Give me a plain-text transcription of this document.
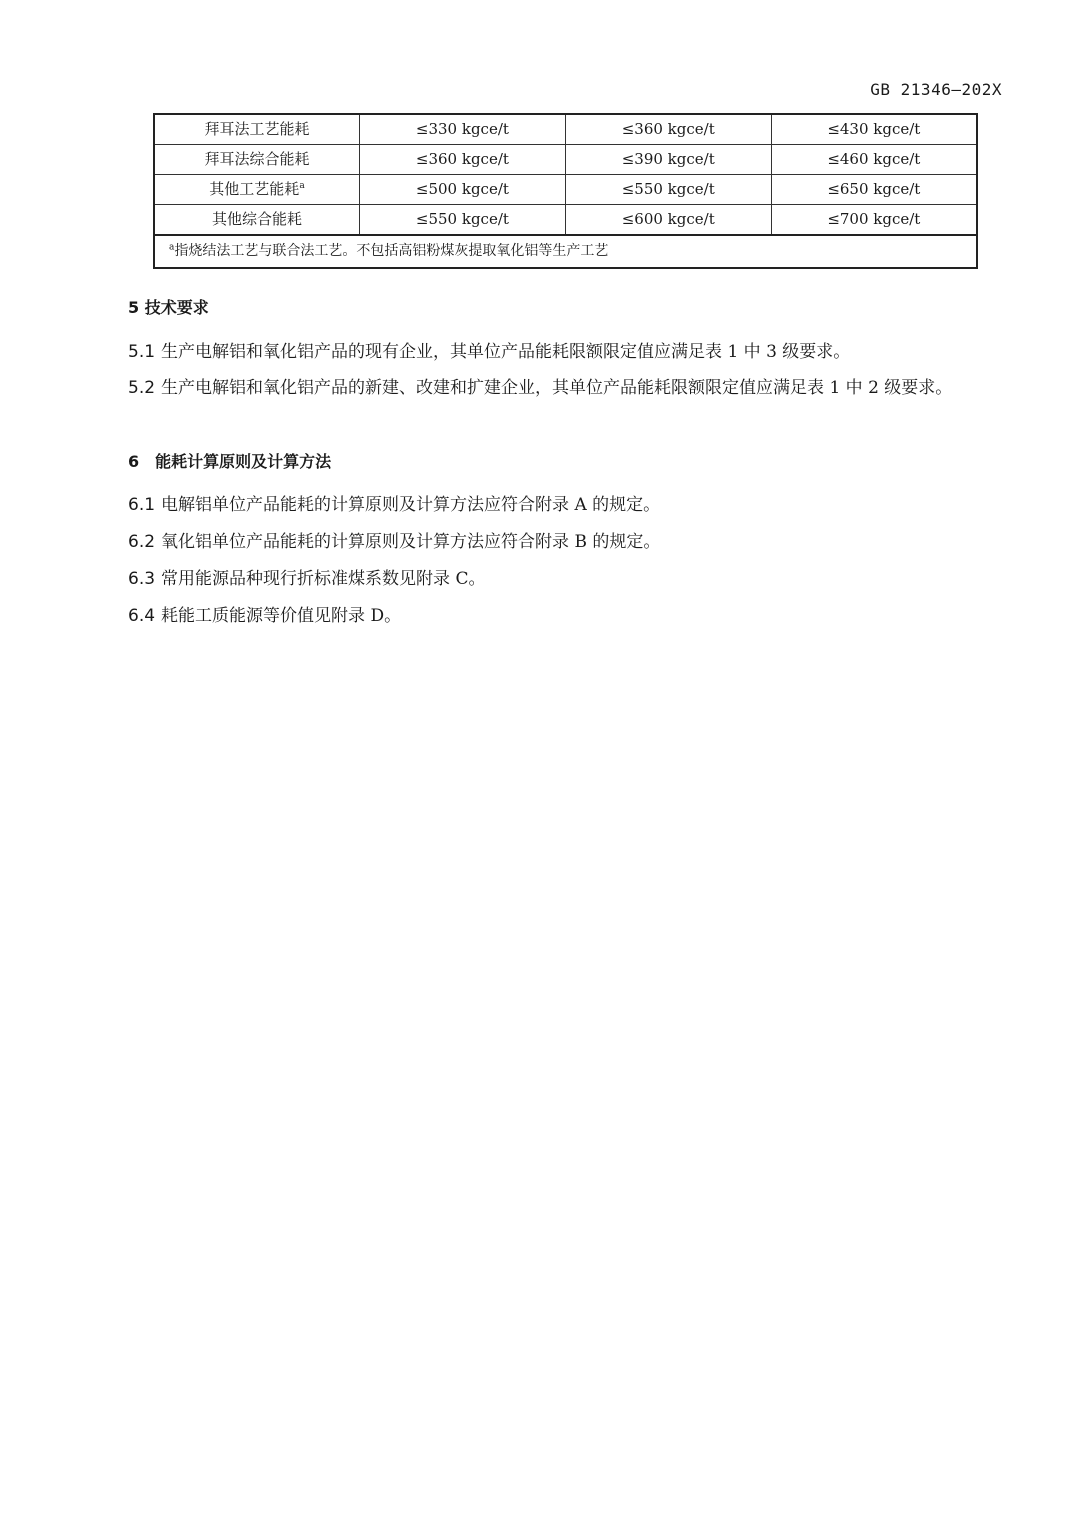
GB 21346—202X
拜耳法工艺能耗	≤330 kgce/t	≤360 kgce/t	≤430 kgce/t
拜耳法综合能耗	≤360 kgce/t	≤390 kgce/t	≤460 kgce/t
其他工艺能耗$^a$	≤500 kgce/t	≤550 kgce/t	≤650 kgce/t
其他综合能耗	≤550 kgce/t	≤600 kgce/t	≤700 kgce/t
$^a$指烧结法工艺与联合法工艺。不包括高铝粉煤灰提取氧化铝等生产工艺			
5 技术要求
5.1 生产电解铝和氧化铝产品的现有企业，其单位产品能耗限额限定值应满足表 1 中 3 级要求。
5.2 生产电解铝和氧化铝产品的新建、改建和扩建企业，其单位产品能耗限额限定值应满足表 1 中 2 级要求。
6　能耗计算原则及计算方法
6.1 电解铝单位产品能耗的计算原则及计算方法应符合附录 A 的规定。
6.2 氧化铝单位产品能耗的计算原则及计算方法应符合附录 B 的规定。
6.3 常用能源品种现行折标准煤系数见附录 C。
6.4 耗能工质能源等价值见附录 D。
